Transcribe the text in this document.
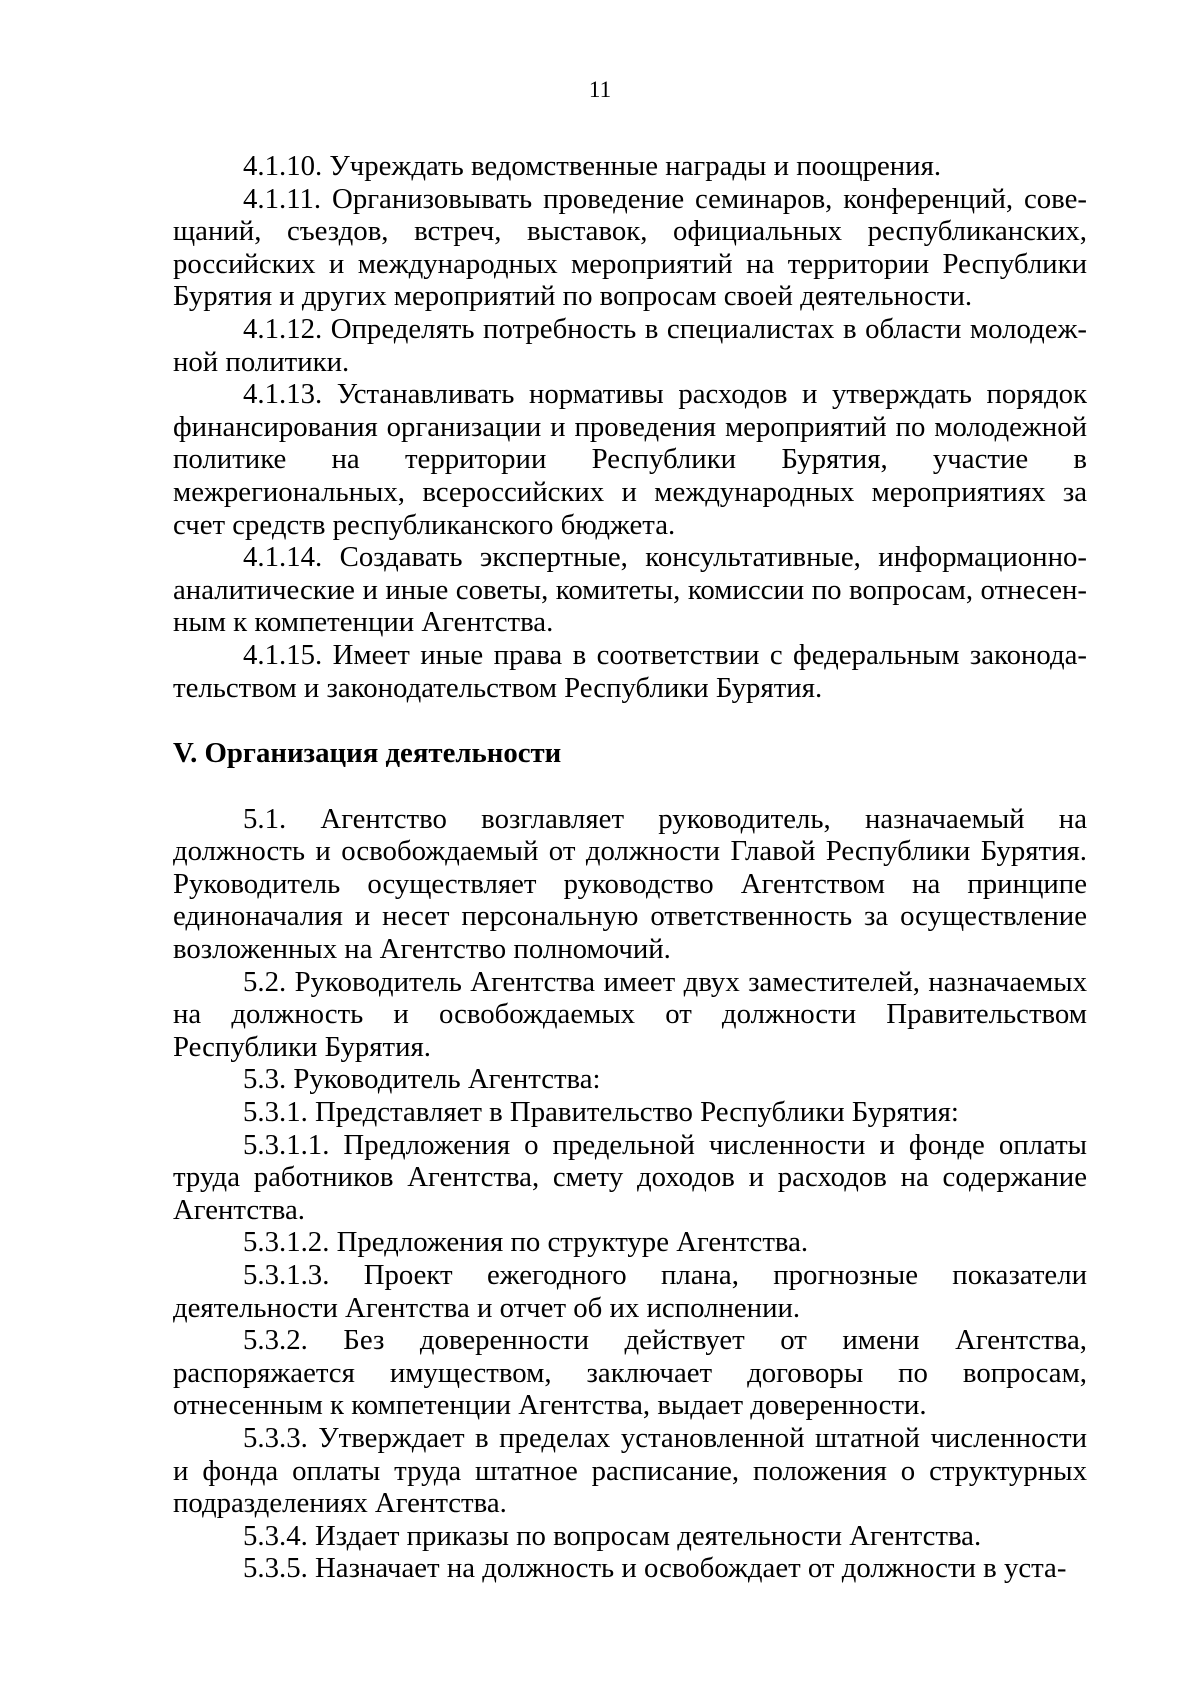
11

4.1.10. Учреждать ведомственные награды и поощрения.

4.1.11. Организовывать проведение семинаров, конференций, совещаний, съездов, встреч, выставок, официальных республиканских, российских и международных мероприятий на территории Республики Бурятия и других мероприятий по вопросам своей деятельности.

4.1.12. Определять потребность в специалистах в области молодежной политики.

4.1.13. Устанавливать нормативы расходов и утверждать порядок финансирования организации и проведения мероприятий по молодежной политике на территории Республики Бурятия, участие в межрегиональных, всероссийских и международных мероприятиях за счет средств республиканского бюджета.

4.1.14. Создавать экспертные, консультативные, информационно-аналитические и иные советы, комитеты, комиссии по вопросам, отнесенным к компетенции Агентства.

4.1.15. Имеет иные права в соответствии с федеральным законодательством и законодательством Республики Бурятия.

V. Организация деятельности

5.1. Агентство возглавляет руководитель, назначаемый на должность и освобождаемый от должности Главой Республики Бурятия. Руководитель осуществляет руководство Агентством на принципе единоначалия и несет персональную ответственность за осуществление возложенных на Агентство полномочий.

5.2. Руководитель Агентства имеет двух заместителей, назначаемых на должность и освобождаемых от должности Правительством Республики Бурятия.

5.3. Руководитель Агентства:

5.3.1. Представляет в Правительство Республики Бурятия:

5.3.1.1. Предложения о предельной численности и фонде оплаты труда работников Агентства, смету доходов и расходов на содержание Агентства.

5.3.1.2. Предложения по структуре Агентства.

5.3.1.3. Проект ежегодного плана, прогнозные показатели деятельности Агентства и отчет об их исполнении.

5.3.2. Без доверенности действует от имени Агентства, распоряжается имуществом, заключает договоры по вопросам, отнесенным к компетенции Агентства, выдает доверенности.

5.3.3. Утверждает в пределах установленной штатной численности и фонда оплаты труда штатное расписание, положения о структурных подразделениях Агентства.

5.3.4. Издает приказы по вопросам деятельности Агентства.

5.3.5. Назначает на должность и освобождает от должности в уста-
